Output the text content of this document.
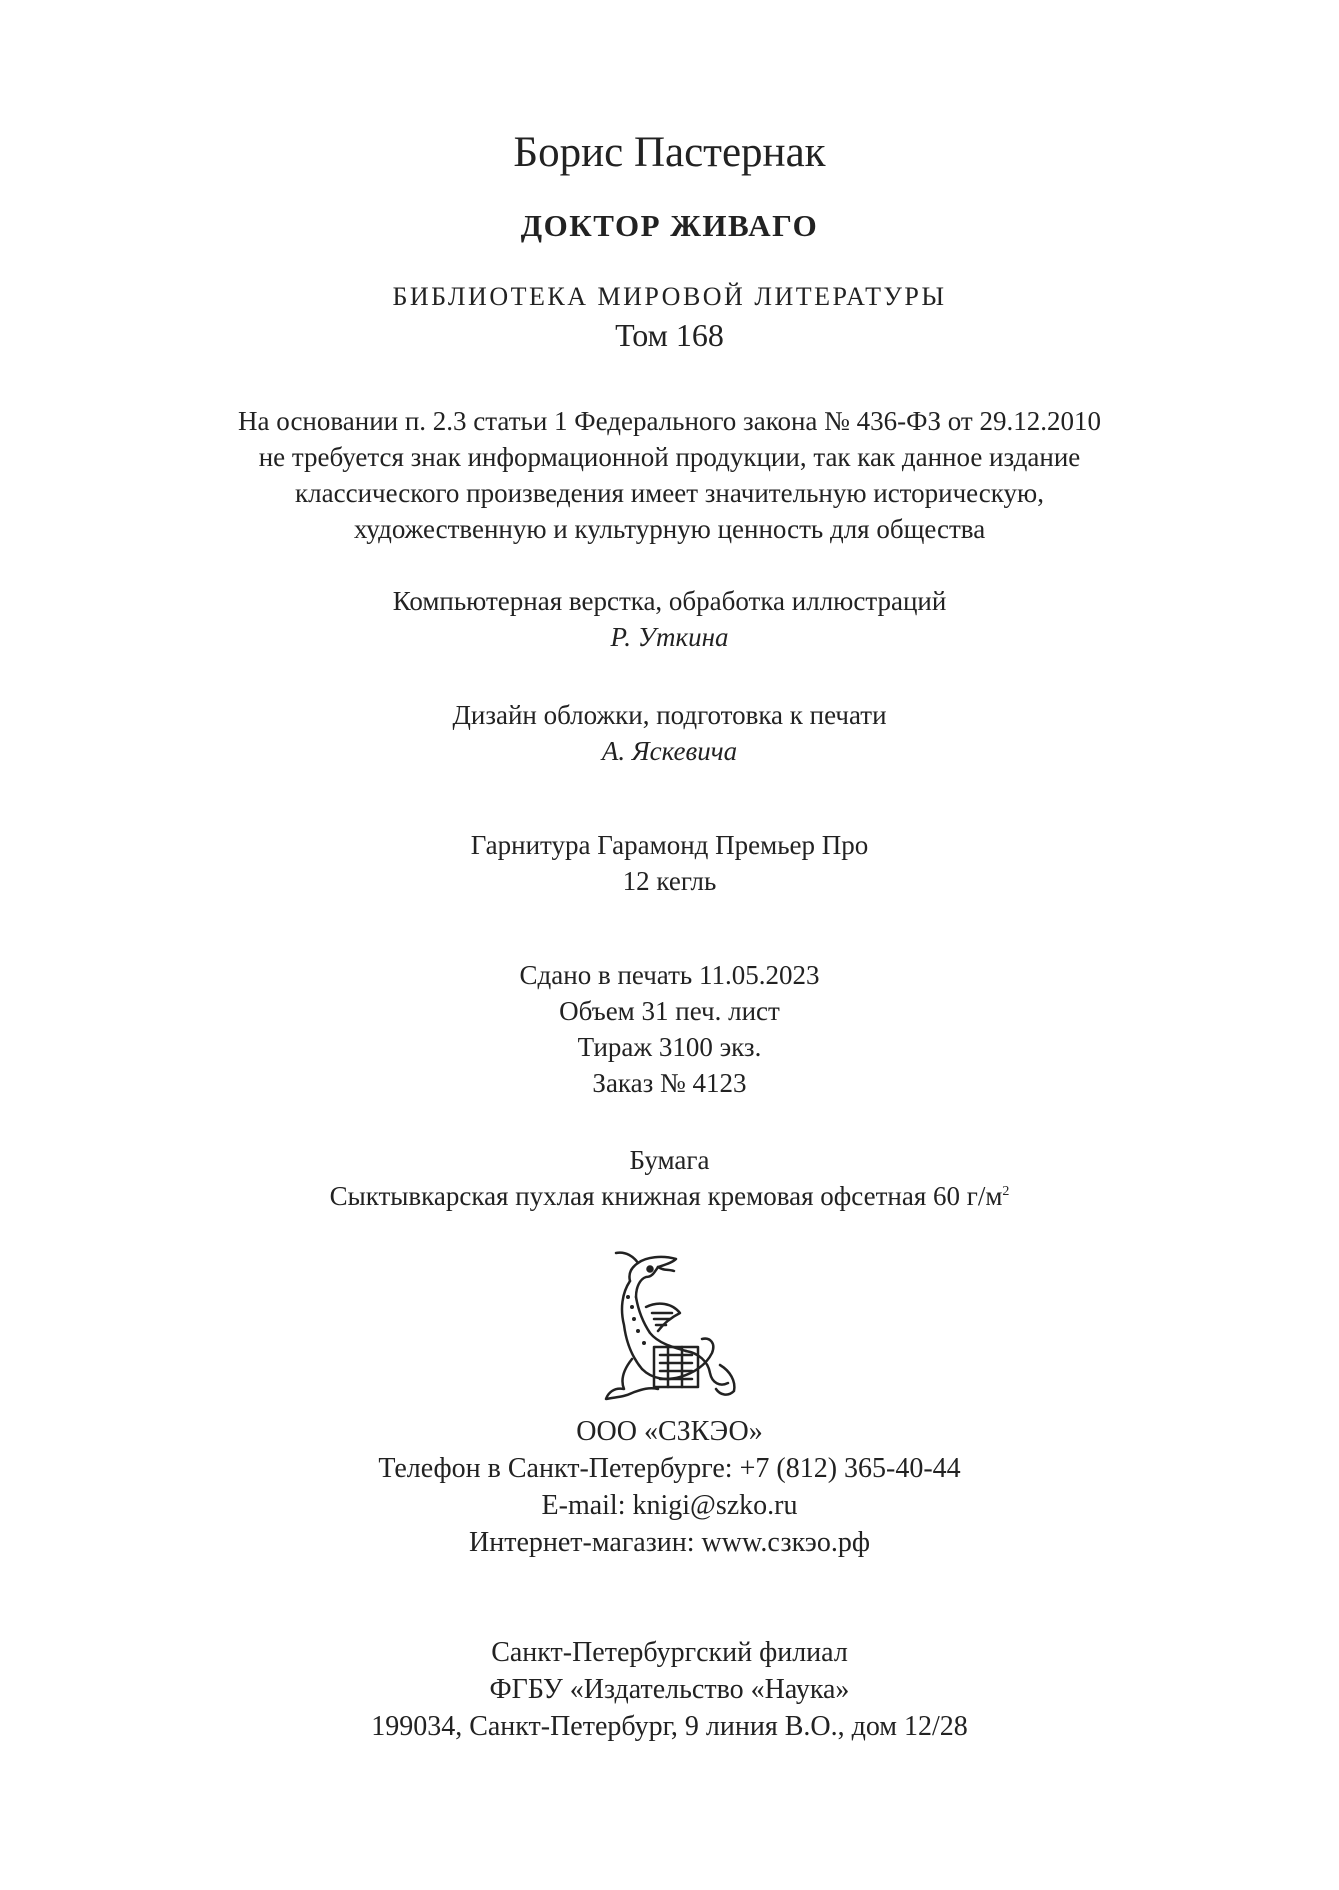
Борис Пастернак
ДОКТОР ЖИВАГО
БИБЛИОТЕКА МИРОВОЙ ЛИТЕРАТУРЫ
Том 168
На основании п. 2.3 статьи 1 Федерального закона № 436-ФЗ от 29.12.2010
не требуется знак информационной продукции, так как данное издание
классического произведения имеет значительную историческую,
художественную и культурную ценность для общества
Компьютерная верстка, обработка иллюстраций
Р. Уткина
Дизайн обложки, подготовка к печати
А. Яскевича
Гарнитура Гарамонд Премьер Про
12 кегль
Сдано в печать 11.05.2023
Объем 31 печ. лист
Тираж 3100 экз.
Заказ № 4123
Бумага
Сыктывкарская пухлая книжная кремовая офсетная 60 $г/м^2$
ООО «СЗКЭО»
Телефон в Санкт-Петербурге: +7 (812) 365-40-44
E-mail: knigi@szko.ru
Интернет-магазин: www.сзкэо.рф
Санкт-Петербургский филиал
ФГБУ «Издательство «Наука»
199034, Санкт-Петербург, 9 линия В.О., дом 12/28
